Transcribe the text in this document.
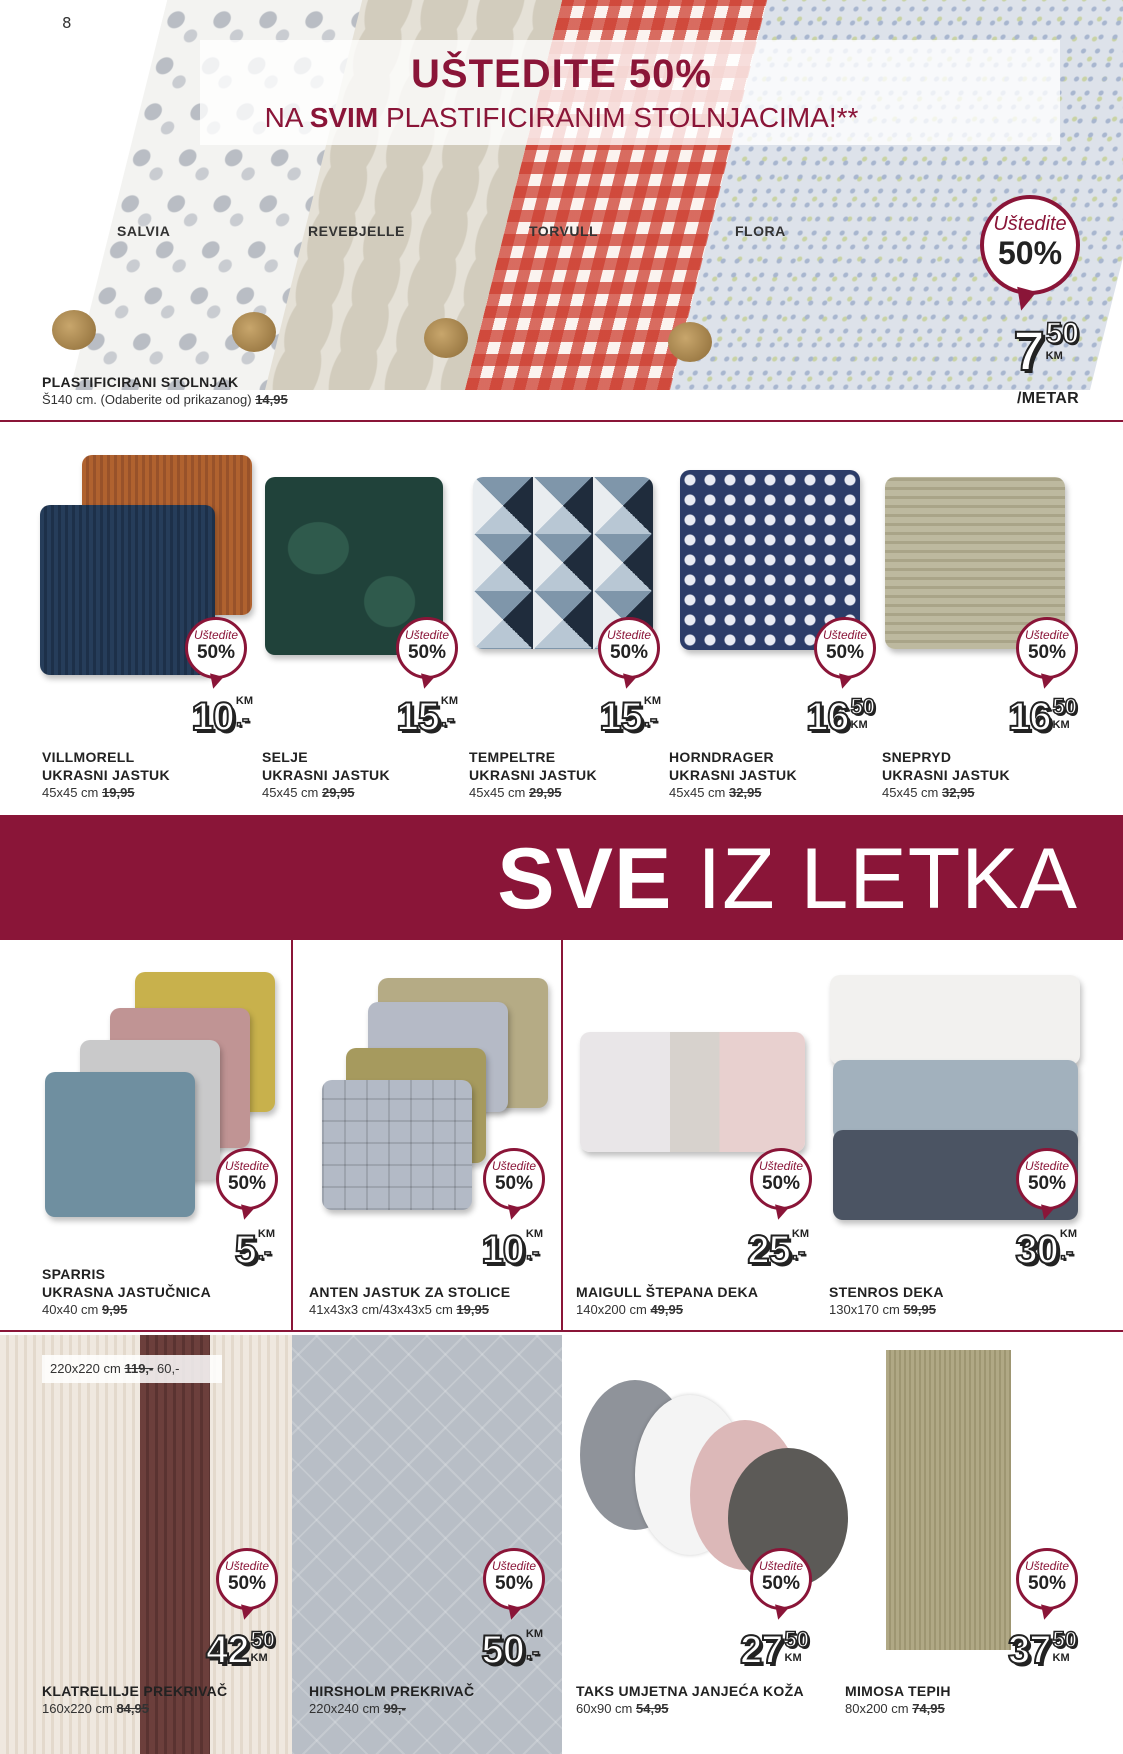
8
UŠTEDITE 50%
NA SVIM PLASTIFICIRANIM STOLNJACIMA!**
SALVIA	REVEBJELLE	TORVULL	FLORA	Uštedite
50%
7 50
KM
/METAR
PLASTIFICIRANI STOLNJAK
Š140 cm. (Odaberite od prikazanog) 14,95
Uštedite
50%
Uštedite
50%
Uštedite
50%
Uštedite
50%
Uštedite
50%
10 KM
.-	15 KM
.-	15 KM
.-	16 50
KM	16 50
KM
VILLMORELL
UKRASNI JASTUK
45x45 cm 19,95
SELJE
UKRASNI JASTUK
45x45 cm 29,95
TEMPELTRE
UKRASNI JASTUK
45x45 cm 29,95
HORNDRAGER
UKRASNI JASTUK
45x45 cm 32,95
SNEPRYD
UKRASNI JASTUK
45x45 cm 32,95
SVE IZ LETKA
Uštedite
50%
Uštedite
50%
Uštedite
50%
Uštedite
50%
5 KM
.-	10 KM
.-	25 KM
.-	30 KM
.-
SPARRIS
UKRASNA JASTUČNICA
40x40 cm 9,95
ANTEN JASTUK ZA STOLICE
41x43x3 cm/43x43x5 cm 19,95
MAIGULL ŠTEPANA DEKA
140x200 cm 49,95
STENROS DEKA
130x170 cm 59,95
220x220 cm 119,- 60,-
Uštedite
50%
Uštedite
50%
Uštedite
50%
Uštedite
50%
42 50
KM	50 KM
.-	27 50
KM	37 50
KM
KLATRELILJE PREKRIVAČ
160x220 cm 84,95
HIRSHOLM PREKRIVAČ
220x240 cm 99,-
TAKS UMJETNA JANJEĆA KOŽA
60x90 cm 54,95
MIMOSA TEPIH
80x200 cm 74,95
